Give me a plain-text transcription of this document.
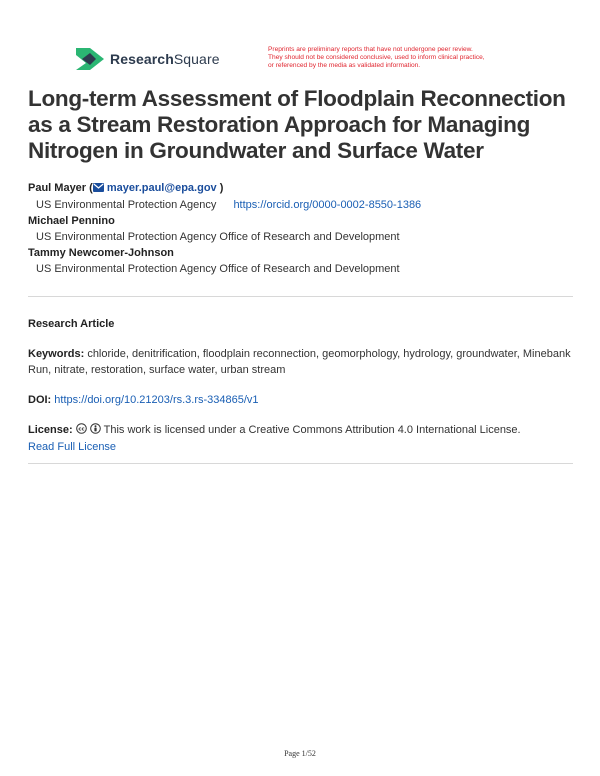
ResearchSquare
Preprints are preliminary reports that have not undergone peer review.
They should not be considered conclusive, used to inform clinical practice,
or referenced by the media as validated information.
Long-term Assessment of Floodplain Reconnection
as a Stream Restoration Approach for Managing
Nitrogen in Groundwater and Surface Water
Paul Mayer ( mayer.paul@epa.gov )
US Environmental Protection Agency https://orcid.org/0000-0002-8550-1386
Michael Pennino
US Environmental Protection Agency Office of Research and Development
Tammy Newcomer-Johnson
US Environmental Protection Agency Office of Research and Development
Research Article
Keywords: chloride, denitrification, floodplain reconnection, geomorphology, hydrology, groundwater, Minebank Run, nitrate, restoration, surface water, urban stream
DOI: https://doi.org/10.21203/rs.3.rs-334865/v1
License: cc This work is licensed under a Creative Commons Attribution 4.0 International License.
Read Full License
Page 1/52
